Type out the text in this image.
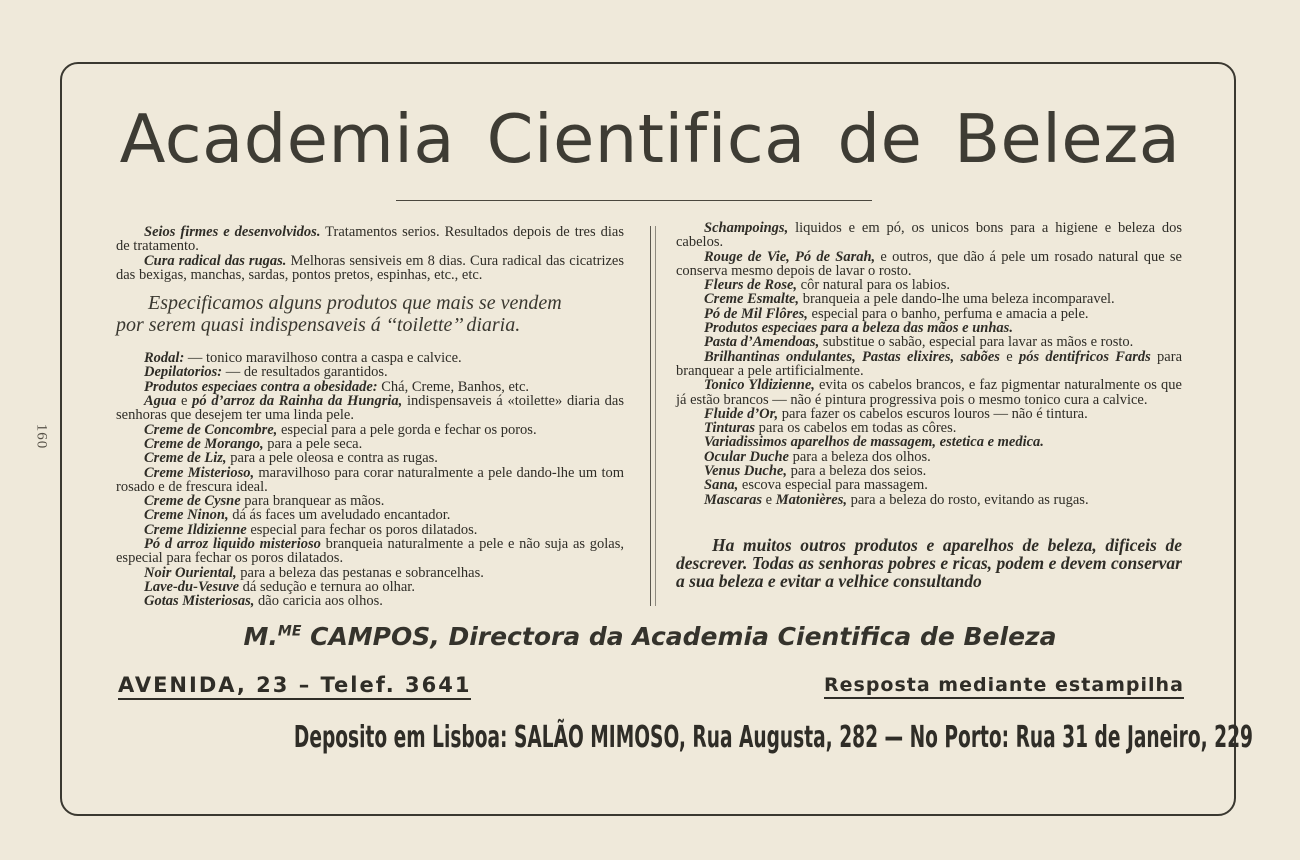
160
Academia Cientifica de Beleza

Seios firmes e desenvolvidos. Tratamentos serios. Resultados depois de tres dias de tratamento.

Cura radical das rugas. Melhoras sensiveis em 8 dias. Cura radical das cicatrizes das bexigas, manchas, sardas, pontos pretos, espinhas, etc., etc.

Especificamos alguns produtos que mais se vendem
por serem quasi indispensaveis á ‘‘toilette’’ diaria.

Rodal: — tonico maravilhoso contra a caspa e calvice.

Depilatorios: — de resultados garantidos.

Produtos especiaes contra a obesidade: Chá, Creme, Banhos, etc.

Agua e pó d’arroz da Rainha da Hungria, indispensaveis á «toilette» diaria das senhoras que desejem ter uma linda pele.

Creme de Concombre, especial para a pele gorda e fechar os poros.

Creme de Morango, para a pele seca.

Creme de Liz, para a pele oleosa e contra as rugas.

Creme Misterioso, maravilhoso para corar naturalmente a pele dando-lhe um tom rosado e de frescura ideal.

Creme de Cysne para branquear as mãos.

Creme Ninon, dá ás faces um aveludado encantador.

Creme Ildizienne especial para fechar os poros dilatados.

Pó d arroz liquido misterioso branqueia naturalmente a pele e não suja as golas, especial para fechar os poros dilatados.

Noir Ouriental, para a beleza das pestanas e sobrancelhas.

Lave-du-Vesuve dá sedução e ternura ao olhar.

Gotas Misteriosas, dão caricia aos olhos.

Schampoings, liquidos e em pó, os unicos bons para a higiene e beleza dos cabelos.

Rouge de Vie, Pó de Sarah, e outros, que dão á pele um rosado natural que se conserva mesmo depois de lavar o rosto.

Fleurs de Rose, côr natural para os labios.

Creme Esmalte, branqueia a pele dando-lhe uma beleza incomparavel.

Pó de Mil Flôres, especial para o banho, perfuma e amacia a pele.

Produtos especiaes para a beleza das mãos e unhas.

Pasta d’Amendoas, substitue o sabão, especial para lavar as mãos e rosto.

Brilhantinas ondulantes, Pastas elixires, sabões e pós dentifricos Fards para branquear a pele artificialmente.

Tonico Yldizienne, evita os cabelos brancos, e faz pigmentar naturalmente os que já estão brancos — não é pintura progressiva pois o mesmo tonico cura a calvice.

Fluide d’Or, para fazer os cabelos escuros louros — não é tintura.

Tinturas para os cabelos em todas as côres.

Variadissimos aparelhos de massagem, estetica e medica.

Ocular Duche para a beleza dos olhos.

Venus Duche, para a beleza dos seios.

Sana, escova especial para massagem.

Mascaras e Matonières, para a beleza do rosto, evitando as rugas.

Ha muitos outros produtos e aparelhos de beleza, dificeis de descrever. Todas as senhoras pobres e ricas, podem e devem conservar a sua beleza e evitar a velhice consultando

M.$^{ME}$ CAMPOS, Directora da Academia Cientifica de Beleza
AVENIDA, 23 – Telef. 3641	Resposta mediante estampilha
Deposito em Lisboa: SALÃO MIMOSO, Rua Augusta, 282 — No Porto: Rua 31 de Janeiro, 229
